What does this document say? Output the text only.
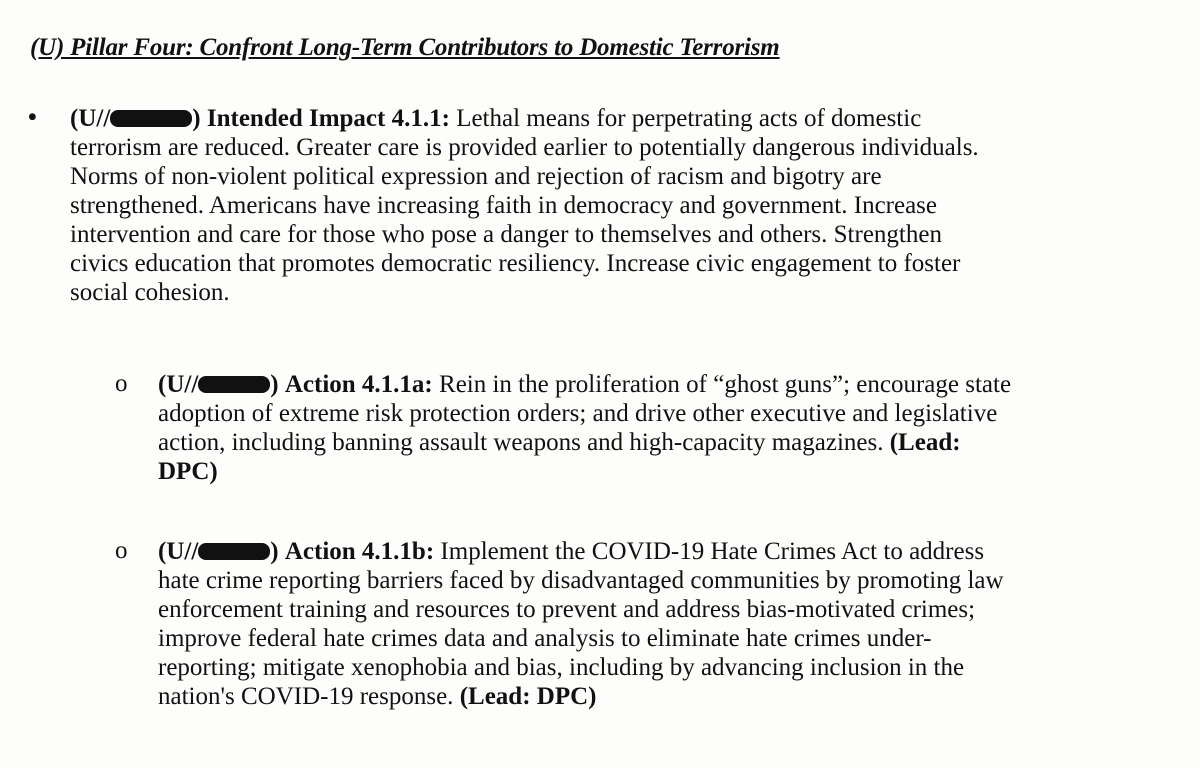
(U) Pillar Four: Confront Long-Term Contributors to Domestic Terrorism
• (U//	) Intended Impact 4.1.1: Lethal means for perpetrating acts of domestic
terrorism are reduced. Greater care is provided earlier to potentially dangerous individuals.
Norms of non-violent political expression and rejection of racism and bigotry are
strengthened. Americans have increasing faith in democracy and government. Increase
intervention and care for those who pose a danger to themselves and others. Strengthen
civics education that promotes democratic resiliency. Increase civic engagement to foster
social cohesion.
o (U//	) Action 4.1.1a: Rein in the proliferation of “ghost guns”; encourage state
adoption of extreme risk protection orders; and drive other executive and legislative
action, including banning assault weapons and high-capacity magazines. (Lead:
DPC)
o (U//	) Action 4.1.1b: Implement the COVID-19 Hate Crimes Act to address
hate crime reporting barriers faced by disadvantaged communities by promoting law
enforcement training and resources to prevent and address bias-motivated crimes;
improve federal hate crimes data and analysis to eliminate hate crimes under-
reporting; mitigate xenophobia and bias, including by advancing inclusion in the
nation's COVID-19 response. (Lead: DPC)
